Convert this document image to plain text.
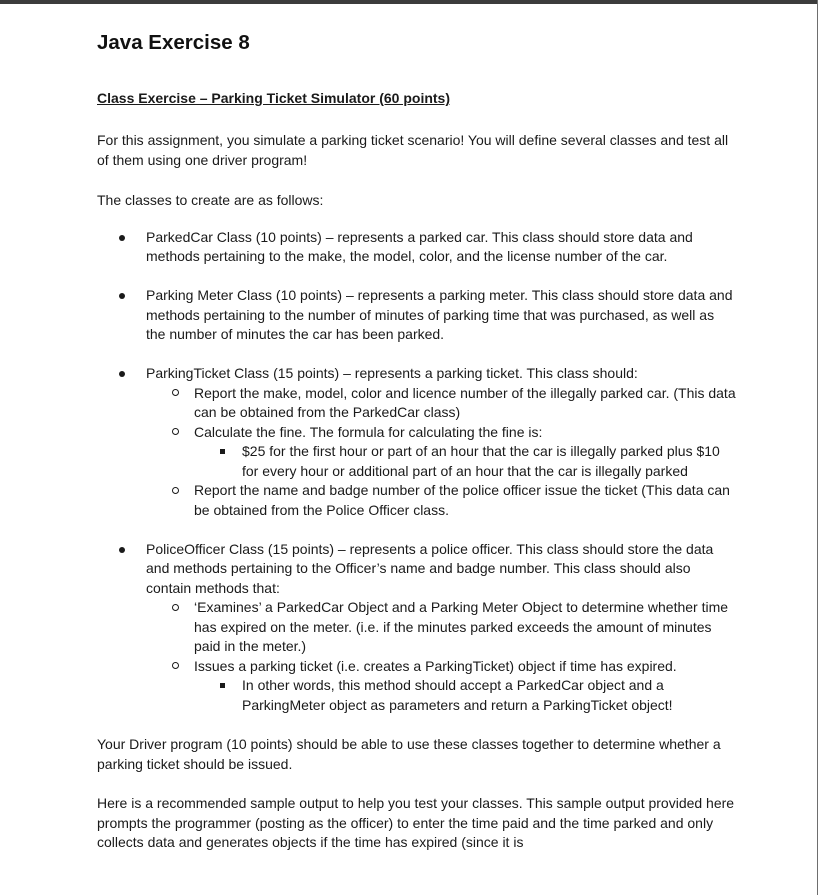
Java Exercise 8
Class Exercise – Parking Ticket Simulator (60 points)

For this assignment, you simulate a parking ticket scenario! You will define several classes and test all of them using one driver program!

The classes to create are as follows:

ParkedCar Class (10 points) – represents a parked car. This class should store data and methods pertaining to the make, the model, color, and the license number of the car.
Parking Meter Class (10 points) – represents a parking meter. This class should store data and methods pertaining to the number of minutes of parking time that was purchased, as well as the number of minutes the car has been parked.
ParkingTicket Class (15 points) – represents a parking ticket. This class should:
Report the make, model, color and licence number of the illegally parked car. (This data can be obtained from the ParkedCar class)
Calculate the fine. The formula for calculating the fine is:
$25 for the first hour or part of an hour that the car is illegally parked plus $10 for every hour or additional part of an hour that the car is illegally parked
Report the name and badge number of the police officer issue the ticket (This data can be obtained from the Police Officer class.
PoliceOfficer Class (15 points) – represents a police officer. This class should store the data and methods pertaining to the Officer’s name and badge number. This class should also contain methods that:
‘Examines’ a ParkedCar Object and a Parking Meter Object to determine whether time has expired on the meter. (i.e. if the minutes parked exceeds the amount of minutes paid in the meter.)
Issues a parking ticket (i.e. creates a ParkingTicket) object if time has expired.
In other words, this method should accept a ParkedCar object and a ParkingMeter object as parameters and return a ParkingTicket object!

Your Driver program (10 points) should be able to use these classes together to determine whether a parking ticket should be issued.

Here is a recommended sample output to help you test your classes. This sample output provided here prompts the programmer (posting as the officer) to enter the time paid and the time parked and only collects data and generates objects if the time has expired (since it is
